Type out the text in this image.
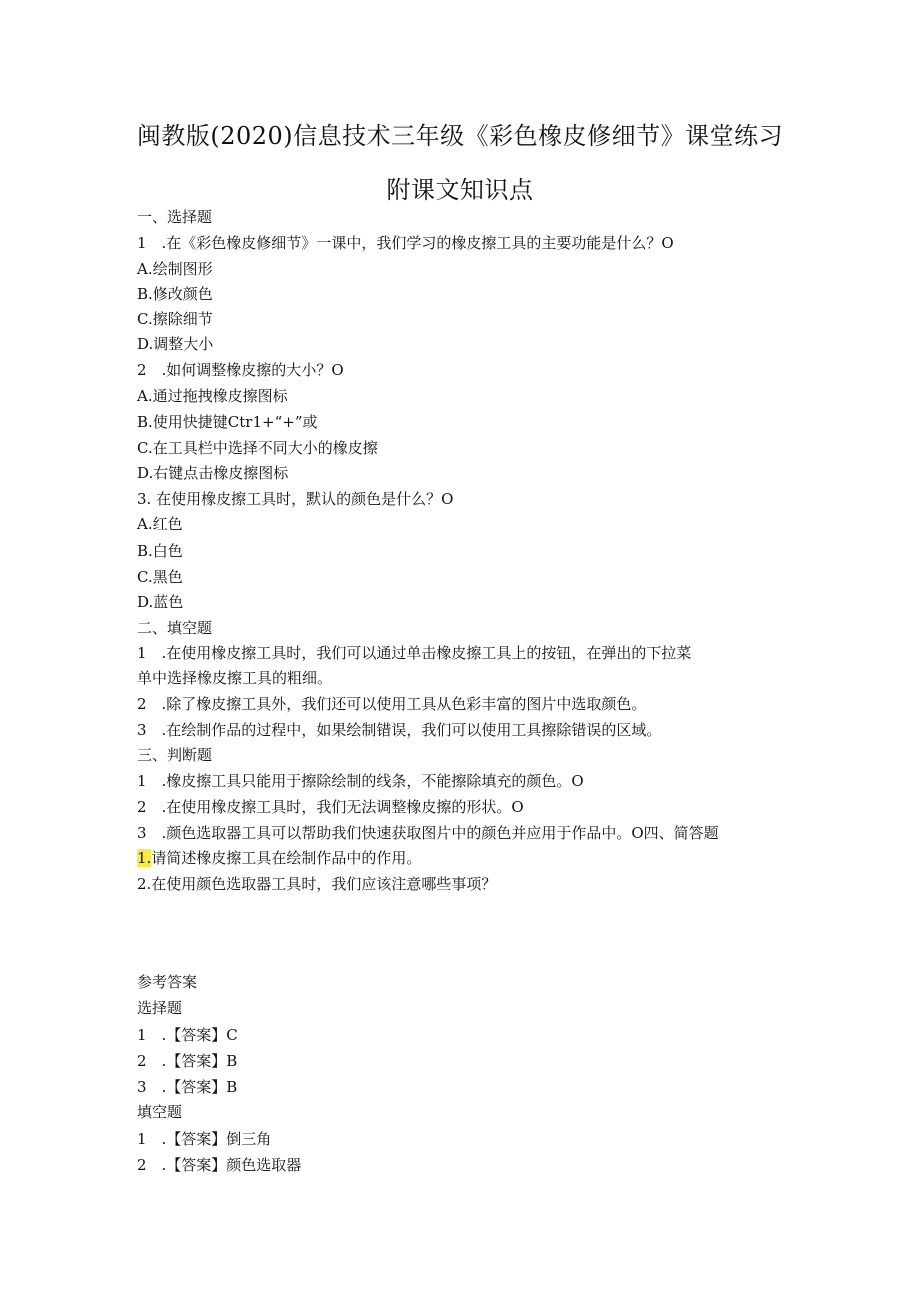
闽教版(2020)信息技术三年级《彩色橡皮修细节》课堂练习
附课文知识点
一、选择题
1　.在《彩色橡皮修细节》一课中，我们学习的橡皮擦工具的主要功能是什么？O
A.绘制图形
B.修改颜色
C.擦除细节
D.调整大小
2　.如何调整橡皮擦的大小？O
A.通过拖拽橡皮擦图标
B.使用快捷键Ctr1+“+”或
C.在工具栏中选择不同大小的橡皮擦
D.右键点击橡皮擦图标
3. 在使用橡皮擦工具时，默认的颜色是什么？O
A.红色
B.白色
C.黑色
D.蓝色
二、填空题
1　.在使用橡皮擦工具时，我们可以通过单击橡皮擦工具上的按钮，在弹出的下拉菜
单中选择橡皮擦工具的粗细。
2　.除了橡皮擦工具外，我们还可以使用工具从色彩丰富的图片中选取颜色。
3　.在绘制作品的过程中，如果绘制错误，我们可以使用工具擦除错误的区域。
三、判断题
1　.橡皮擦工具只能用于擦除绘制的线条，不能擦除填充的颜色。O
2　.在使用橡皮擦工具时，我们无法调整橡皮擦的形状。O
3　.颜色选取器工具可以帮助我们快速获取图片中的颜色并应用于作品中。O四、简答题
1.请简述橡皮擦工具在绘制作品中的作用。
2.在使用颜色选取器工具时，我们应该注意哪些事项？
参考答案
选择题
1　.【答案】C
2　.【答案】B
3　.【答案】B
填空题
1　.【答案】倒三角
2　.【答案】颜色选取器
